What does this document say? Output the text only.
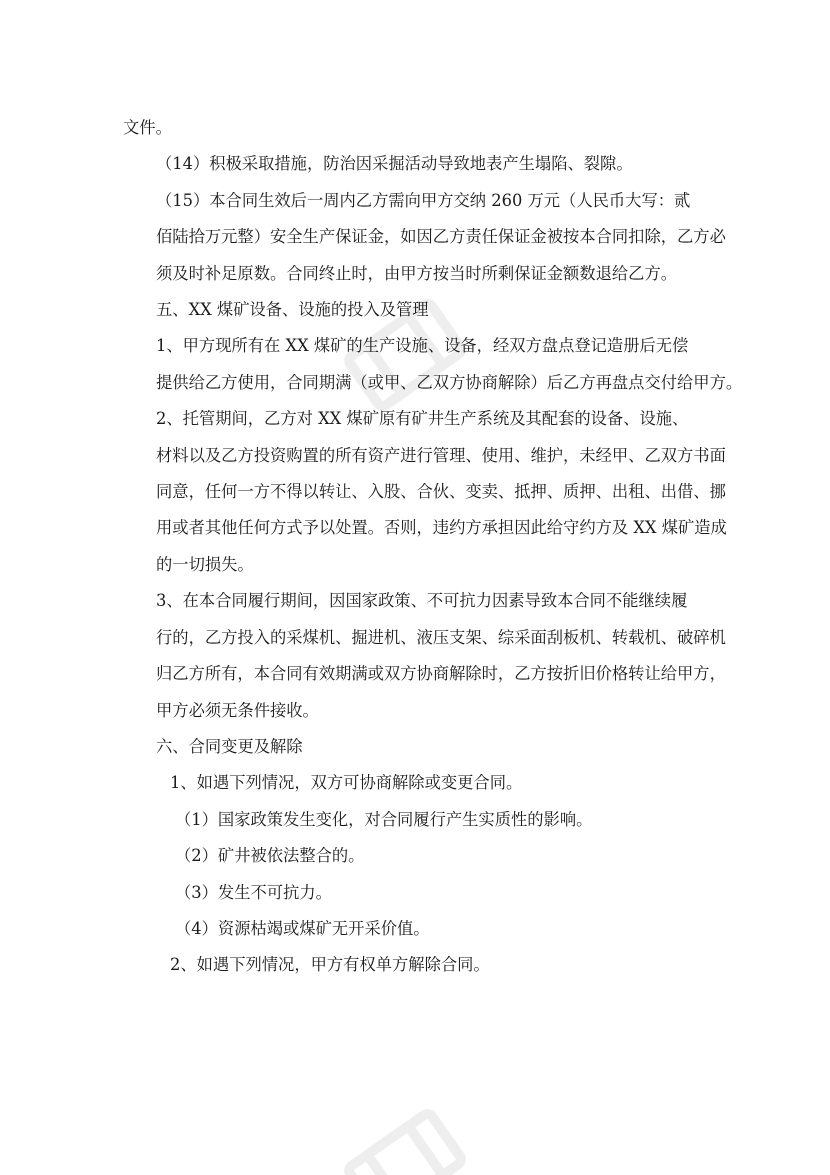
文件。

（14）积极采取措施，防治因采掘活动导致地表产生塌陷、裂隙。

（15）本合同生效后一周内乙方需向甲方交纳 260 万元（人民币大写：贰
佰陆拾万元整）安全生产保证金，如因乙方责任保证金被按本合同扣除，乙方必
须及时补足原数。合同终止时，由甲方按当时所剩保证金额数退给乙方。

五、XX 煤矿设备、设施的投入及管理

1、甲方现所有在 XX 煤矿的生产设施、设备，经双方盘点登记造册后无偿
提供给乙方使用，合同期满（或甲、乙双方协商解除）后乙方再盘点交付给甲方。

2、托管期间，乙方对 XX 煤矿原有矿井生产系统及其配套的设备、设施、
材料以及乙方投资购置的所有资产进行管理、使用、维护，未经甲、乙双方书面
同意，任何一方不得以转让、入股、合伙、变卖、抵押、质押、出租、出借、挪
用或者其他任何方式予以处置。否则，违约方承担因此给守约方及 XX 煤矿造成
的一切损失。

3、在本合同履行期间，因国家政策、不可抗力因素导致本合同不能继续履
行的，乙方投入的采煤机、掘进机、液压支架、综采面刮板机、转载机、破碎机
归乙方所有，本合同有效期满或双方协商解除时，乙方按折旧价格转让给甲方，
甲方必须无条件接收。

六、合同变更及解除

1、如遇下列情况，双方可协商解除或变更合同。

（1）国家政策发生变化，对合同履行产生实质性的影响。

（2）矿井被依法整合的。

（3）发生不可抗力。

（4）资源枯竭或煤矿无开采价值。

2、如遇下列情况，甲方有权单方解除合同。
